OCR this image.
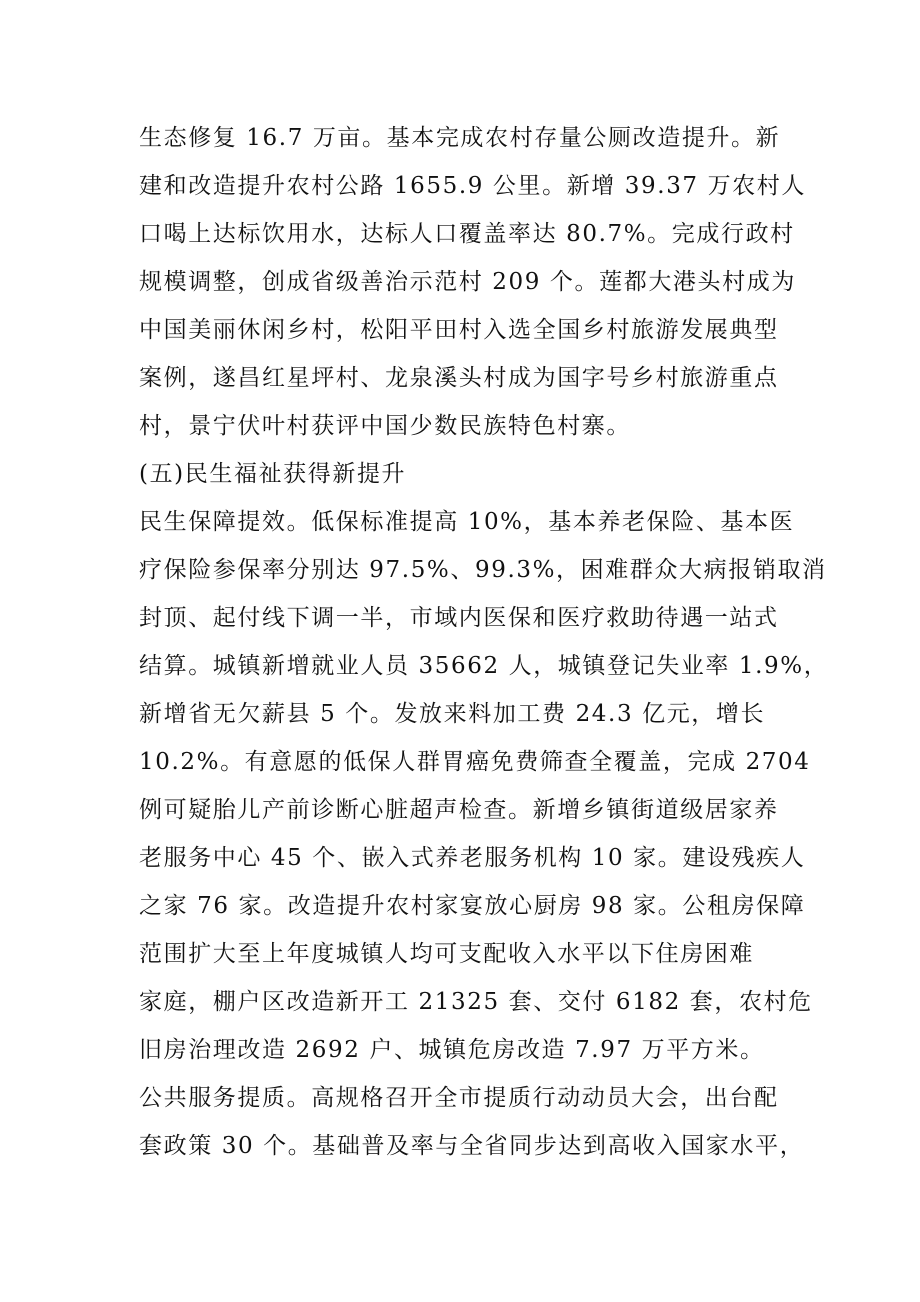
生态修复 16.7 万亩。基本完成农村存量公厕改造提升。新
建和改造提升农村公路 1655.9 公里。新增 39.37 万农村人
口喝上达标饮用水，达标人口覆盖率达 80.7%。完成行政村
规模调整，创成省级善治示范村 209 个。莲都大港头村成为
中国美丽休闲乡村，松阳平田村入选全国乡村旅游发展典型
案例，遂昌红星坪村、龙泉溪头村成为国字号乡村旅游重点
村，景宁伏叶村获评中国少数民族特色村寨。
(五)民生福祉获得新提升
民生保障提效。低保标准提高 10%，基本养老保险、基本医
疗保险参保率分别达 97.5%、99.3%，困难群众大病报销取消
封顶、起付线下调一半，市域内医保和医疗救助待遇一站式
结算。城镇新增就业人员 35662 人，城镇登记失业率 1.9%，
新增省无欠薪县 5 个。发放来料加工费 24.3 亿元，增长
10.2%。有意愿的低保人群胃癌免费筛查全覆盖，完成 2704
例可疑胎儿产前诊断心脏超声检查。新增乡镇街道级居家养
老服务中心 45 个、嵌入式养老服务机构 10 家。建设残疾人
之家 76 家。改造提升农村家宴放心厨房 98 家。公租房保障
范围扩大至上年度城镇人均可支配收入水平以下住房困难
家庭，棚户区改造新开工 21325 套、交付 6182 套，农村危
旧房治理改造 2692 户、城镇危房改造 7.97 万平方米。
公共服务提质。高规格召开全市提质行动动员大会，出台配
套政策 30 个。基础普及率与全省同步达到高收入国家水平，
